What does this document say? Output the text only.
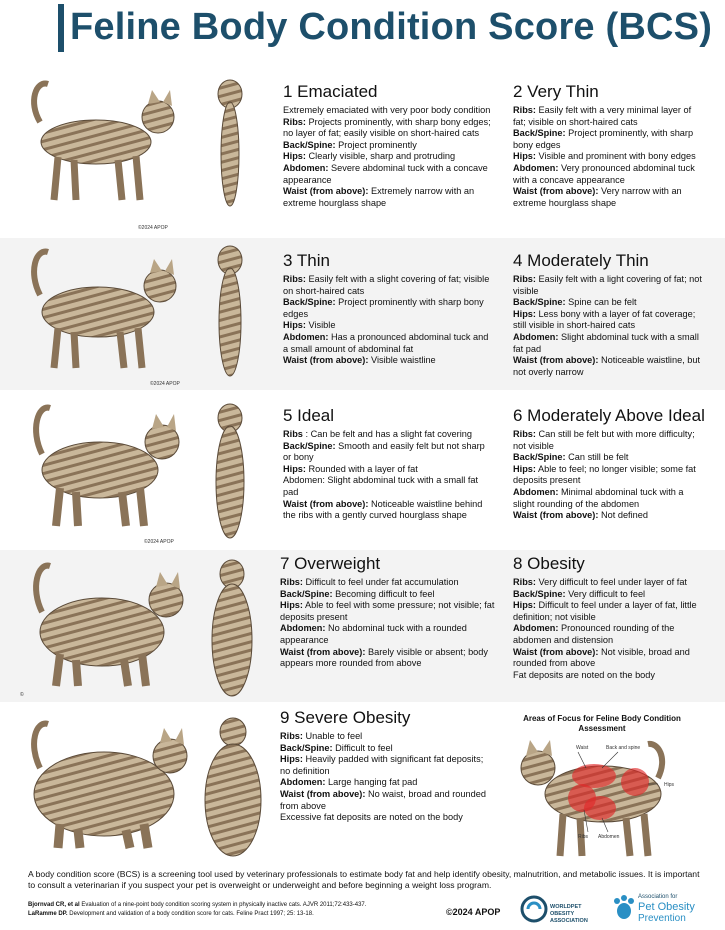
Feline Body Condition Score (BCS)
©2024 APOP
©2024 APOP
©2024 APOP
©
1 Emaciated

Extremely emaciated with very poor body condition
Ribs: Projects prominently, with sharp bony edges; no layer of fat; easily visible on short-haired cats
Back/Spine: Project prominently
Hips: Clearly visible, sharp and protruding
Abdomen: Severe abdominal tuck with a concave appearance
Waist (from above): Extremely narrow with an extreme hourglass shape

2 Very Thin

Ribs: Easily felt with a very minimal layer of fat; visible on short-haired cats
Back/Spine: Project prominently, with sharp bony edges
Hips: Visible and prominent with bony edges
Abdomen: Very pronounced abdominal tuck with a concave appearance
Waist (from above): Very narrow with an extreme hourglass shape

3 Thin

Ribs: Easily felt with a slight covering of fat; visible on short-haired cats
Back/Spine: Project prominently with sharp bony edges
Hips: Visible
Abdomen: Has a pronounced abdominal tuck and a small amount of abdominal fat
Waist (from above): Visible waistline

4 Moderately Thin

Ribs: Easily felt with a light covering of fat; not visible
Back/Spine: Spine can be felt
Hips: Less bony with a layer of fat coverage; still visible in short-haired cats
Abdomen: Slight abdominal tuck with a small fat pad
Waist (from above): Noticeable waistline, but not overly narrow

5 Ideal

Ribs : Can be felt and has a slight fat covering
Back/Spine: Smooth and easily felt but not sharp or bony
Hips: Rounded with a layer of fat
Abdomen: Slight abdominal tuck with a small fat pad
Waist (from above): Noticeable waistline behind the ribs with a gently curved hourglass shape

6 Moderately Above Ideal

Ribs: Can still be felt but with more difficulty; not visible
Back/Spine: Can still be felt
Hips: Able to feel; no longer visible; some fat deposits present
Abdomen: Minimal abdominal tuck with a slight rounding of the abdomen
Waist (from above): Not defined

7 Overweight

Ribs: Difficult to feel under fat accumulation
Back/Spine: Becoming difficult to feel
Hips: Able to feel with some pressure; not visible; fat deposits present
Abdomen: No abdominal tuck with a rounded appearance
Waist (from above): Barely visible or absent; body appears more rounded from above

8 Obesity

Ribs: Very difficult to feel under layer of fat
Back/Spine: Very difficult to feel
Hips: Difficult to feel under a layer of fat, little definition; not visible
Abdomen: Pronounced rounding of the abdomen and distension
Waist (from above): Not visible, broad and rounded from above
Fat deposits are noted on the body

9 Severe Obesity

Ribs: Unable to feel
Back/Spine: Difficult to feel
Hips: Heavily padded with significant fat deposits; no definition
Abdomen: Large hanging fat pad
Waist (from above): No waist, broad and rounded from above
Excessive fat deposits are noted on the body

Areas of Focus for Feline Body Condition Assessment
Waist	Back and spine
Hips
Ribs Abdomen
A body condition score (BCS) is a screening tool used by veterinary professionals to estimate body fat and help identify obesity, malnutrition, and metabolic issues. It is important to consult a veterinarian if you suspect your pet is overweight or underweight and before beginning a weight loss program.
Bjornvad CR, et al Evaluation of a nine-point body condition scoring system in physically inactive cats. AJVR 2011;72:433-437.
LaRamme DP. Development and validation of a body condition score for cats. Feline Pract 1997; 25: 13-18.	©2024 APOP	WORLDPET OBESITY ASSOCIATION
Association for
Pet Obesity
Prevention
